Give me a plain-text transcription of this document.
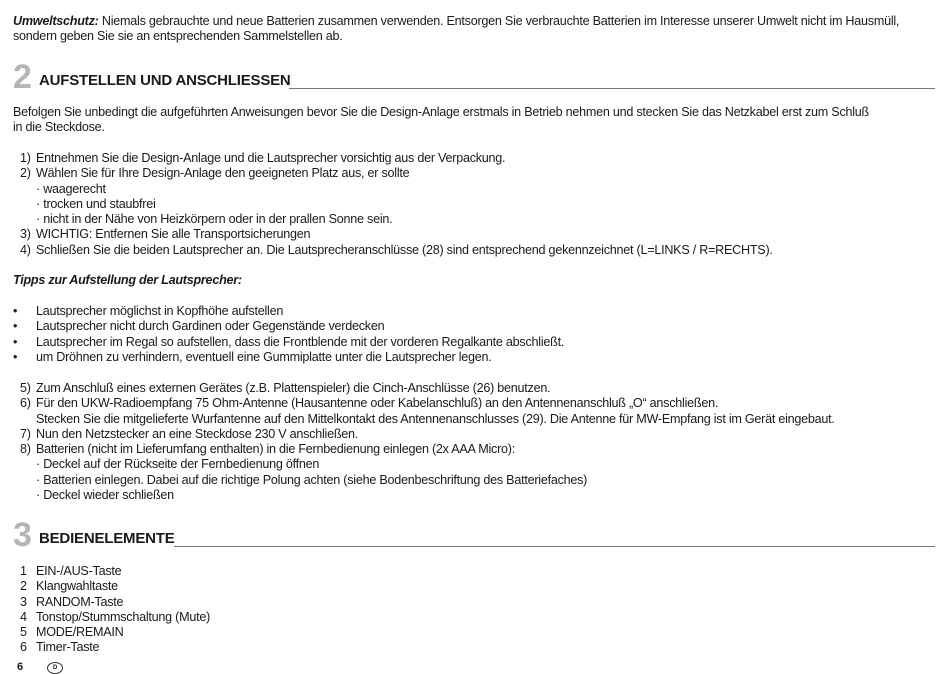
Umweltschutz: Niemals gebrauchte und neue Batterien zusammen verwenden. Entsorgen Sie verbrauchte Batterien im Interesse unserer Umwelt nicht im Hausmüll,
sondern geben Sie sie an entsprechenden Sammelstellen ab.
2 AUFSTELLEN UND ANSCHLIESSEN
Befolgen Sie unbedingt die aufgeführten Anweisungen bevor Sie die Design-Anlage erstmals in Betrieb nehmen und stecken Sie das Netzkabel erst zum Schluß
in die Steckdose.
1) Entnehmen Sie die Design-Anlage und die Lautsprecher vorsichtig aus der Verpackung.
2) Wählen Sie für Ihre Design-Anlage den geeigneten Platz aus, er sollte
· waagerecht
· trocken und staubfrei
· nicht in der Nähe von Heizkörpern oder in der prallen Sonne sein.
3) WICHTIG: Entfernen Sie alle Transportsicherungen
4) Schließen Sie die beiden Lautsprecher an. Die Lautsprecheranschlüsse (28) sind entsprechend gekennzeichnet (L=LINKS / R=RECHTS).
Tipps zur Aufstellung der Lautsprecher:
• Lautsprecher möglichst in Kopfhöhe aufstellen
• Lautsprecher nicht durch Gardinen oder Gegenstände verdecken
• Lautsprecher im Regal so aufstellen, dass die Frontblende mit der vorderen Regalkante abschließt.
• um Dröhnen zu verhindern, eventuell eine Gummiplatte unter die Lautsprecher legen.
5) Zum Anschluß eines externen Gerätes (z.B. Plattenspieler) die Cinch-Anschlüsse (26) benutzen.
6) Für den UKW-Radioempfang 75 Ohm-Antenne (Hausantenne oder Kabelanschluß) an den Antennenanschluß „O“ anschließen.
Stecken Sie die mitgelieferte Wurfantenne auf den Mittelkontakt des Antennenanschlusses (29). Die Antenne für MW-Empfang ist im Gerät eingebaut.
7) Nun den Netzstecker an eine Steckdose 230 V anschließen.
8) Batterien (nicht im Lieferumfang enthalten) in die Fernbedienung einlegen (2x AAA Micro):
· Deckel auf der Rückseite der Fernbedienung öffnen
· Batterien einlegen. Dabei auf die richtige Polung achten (siehe Bodenbeschriftung des Batteriefaches)
· Deckel wieder schließen
3 BEDIENELEMENTE
1 EIN-/AUS-Taste
2 Klangwahltaste
3 RANDOM-Taste
4 Tonstop/Stummschaltung (Mute)
5 MODE/REMAIN
6 Timer-Taste
6	D
